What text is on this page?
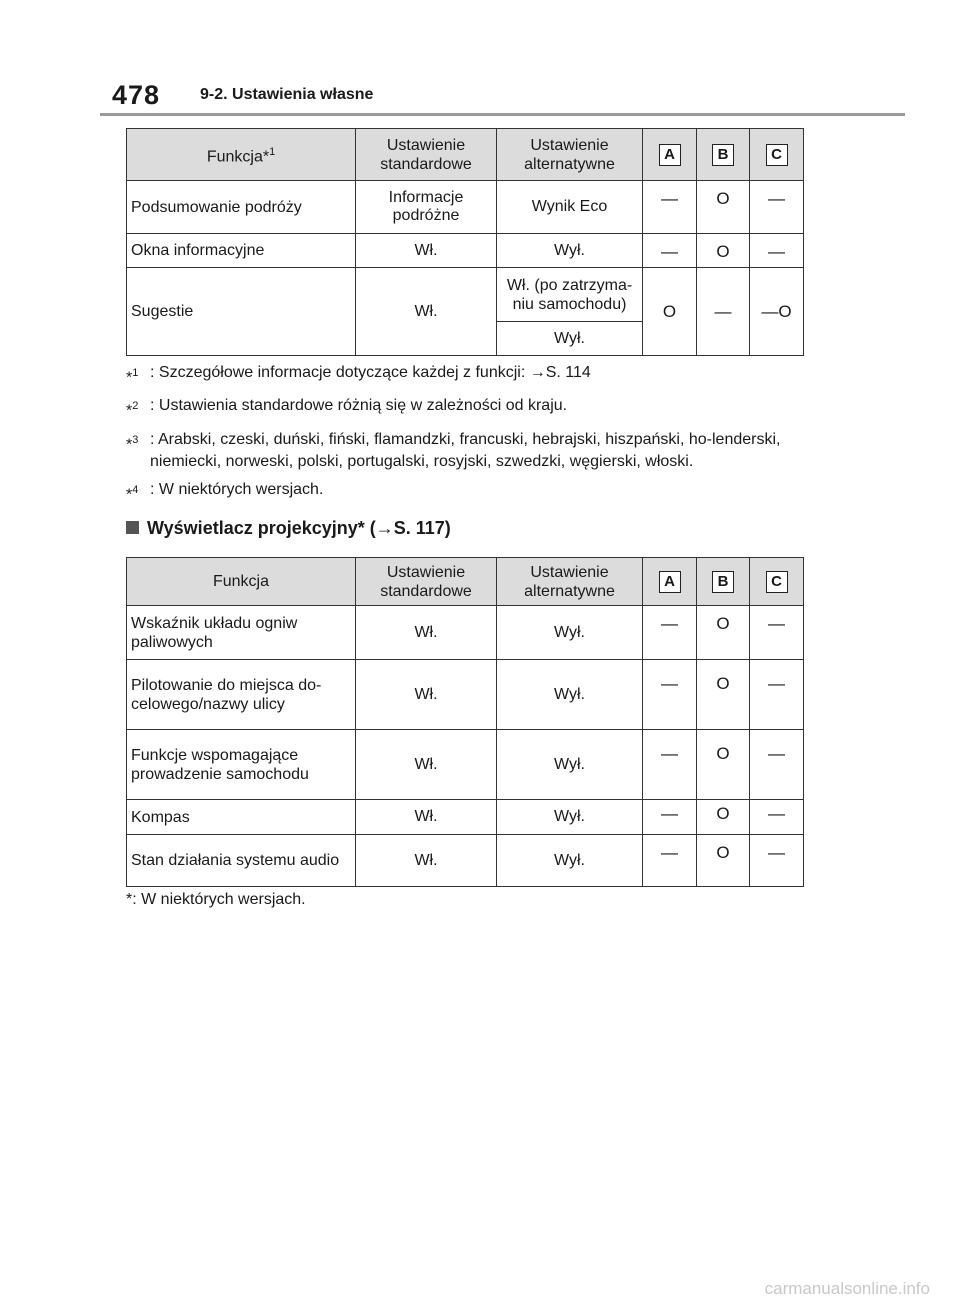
478 9-2. Ustawienia własne
Funkcja*$^1$	Ustawienie standardowe	Ustawienie alternatywne	A	B	C
Podsumowanie podróży	Informacje podróżne	Wynik Eco	—	O	—
Okna informacyjne	Wł.	Wył.	—	O	—
Sugestie	Wł.	Wł. (po zatrzyma-niu samochodu)	O	—	—O
		Wył.			
*$^1$ : Szczegółowe informacje dotyczące każdej z funkcji: →S. 114
*$^2$ : Ustawienia standardowe różnią się w zależności od kraju.
*$^3$ : Arabski, czeski, duński, fiński, flamandzki, francuski, hebrajski, hiszpański, ho-lenderski, niemiecki, norweski, polski, portugalski, rosyjski, szwedzki, węgierski, włoski.
*$^4$ : W niektórych wersjach.
Wyświetlacz projekcyjny* (→S. 117)
Funkcja	Ustawienie standardowe	Ustawienie alternatywne	A	B	C
Wskaźnik układu ogniw paliwowych	Wł.	Wył.	—	O	—
Pilotowanie do miejsca do-celowego/nazwy ulicy	Wł.	Wył.	—	O	—
Funkcje wspomagające prowadzenie samochodu	Wł.	Wył.	—	O	—
Kompas	Wł.	Wył.	—	O	—
Stan działania systemu audio	Wł.	Wył.	—	O	—
*: W niektórych wersjach.
carmanualsonline.info
